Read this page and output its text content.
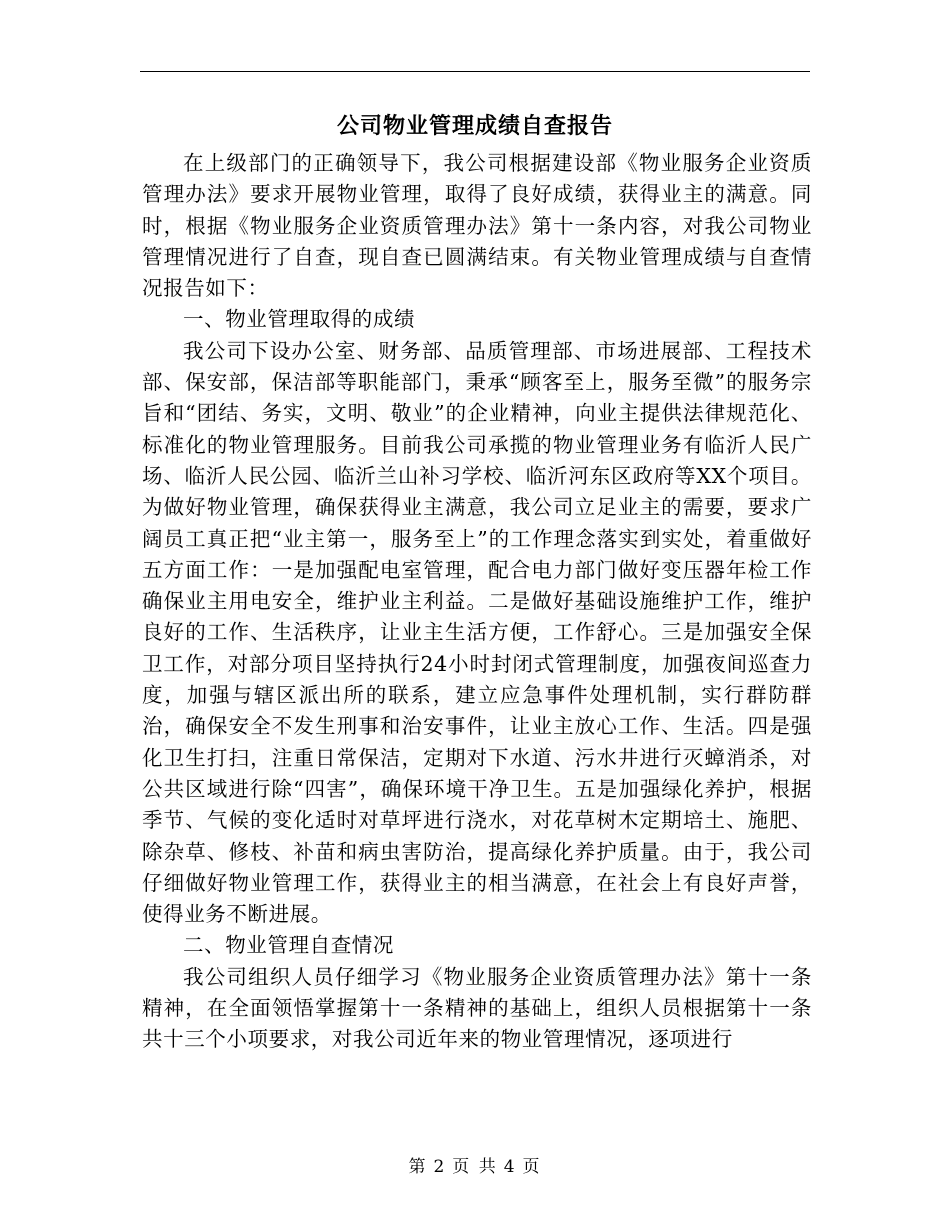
公司物业管理成绩自查报告

在上级部门的正确领导下，我公司根据建设部《物业服务企业资质管理办法》要求开展物业管理，取得了良好成绩，获得业主的满意。同时，根据《物业服务企业资质管理办法》第十一条内容，对我公司物业管理情况进行了自查，现自查已圆满结束。有关物业管理成绩与自查情况报告如下：

一、物业管理取得的成绩

我公司下设办公室、财务部、品质管理部、市场进展部、工程技术部、保安部，保洁部等职能部门，秉承“顾客至上，服务至微”的服务宗旨和“团结、务实，文明、敬业”的企业精神，向业主提供法律规范化、标准化的物业管理服务。目前我公司承揽的物业管理业务有临沂人民广场、临沂人民公园、临沂兰山补习学校、临沂河东区政府等XX个项目。为做好物业管理，确保获得业主满意，我公司立足业主的需要，要求广阔员工真正把“业主第一，服务至上”的工作理念落实到实处，着重做好五方面工作：一是加强配电室管理，配合电力部门做好变压器年检工作确保业主用电安全，维护业主利益。二是做好基础设施维护工作，维护良好的工作、生活秩序，让业主生活方便，工作舒心。三是加强安全保卫工作，对部分项目坚持执行24小时封闭式管理制度，加强夜间巡查力度，加强与辖区派出所的联系，建立应急事件处理机制，实行群防群治，确保安全不发生刑事和治安事件，让业主放心工作、生活。四是强化卫生打扫，注重日常保洁，定期对下水道、污水井进行灭蟑消杀，对公共区域进行除“四害”，确保环境干净卫生。五是加强绿化养护，根据季节、气候的变化适时对草坪进行浇水，对花草树木定期培土、施肥、除杂草、修枝、补苗和病虫害防治，提高绿化养护质量。由于，我公司仔细做好物业管理工作，获得业主的相当满意，在社会上有良好声誉，使得业务不断进展。

二、物业管理自查情况

我公司组织人员仔细学习《物业服务企业资质管理办法》第十一条精神，在全面领悟掌握第十一条精神的基础上，组织人员根据第十一条共十三个小项要求，对我公司近年来的物业管理情况，逐项进行

第 2 页 共 4 页
